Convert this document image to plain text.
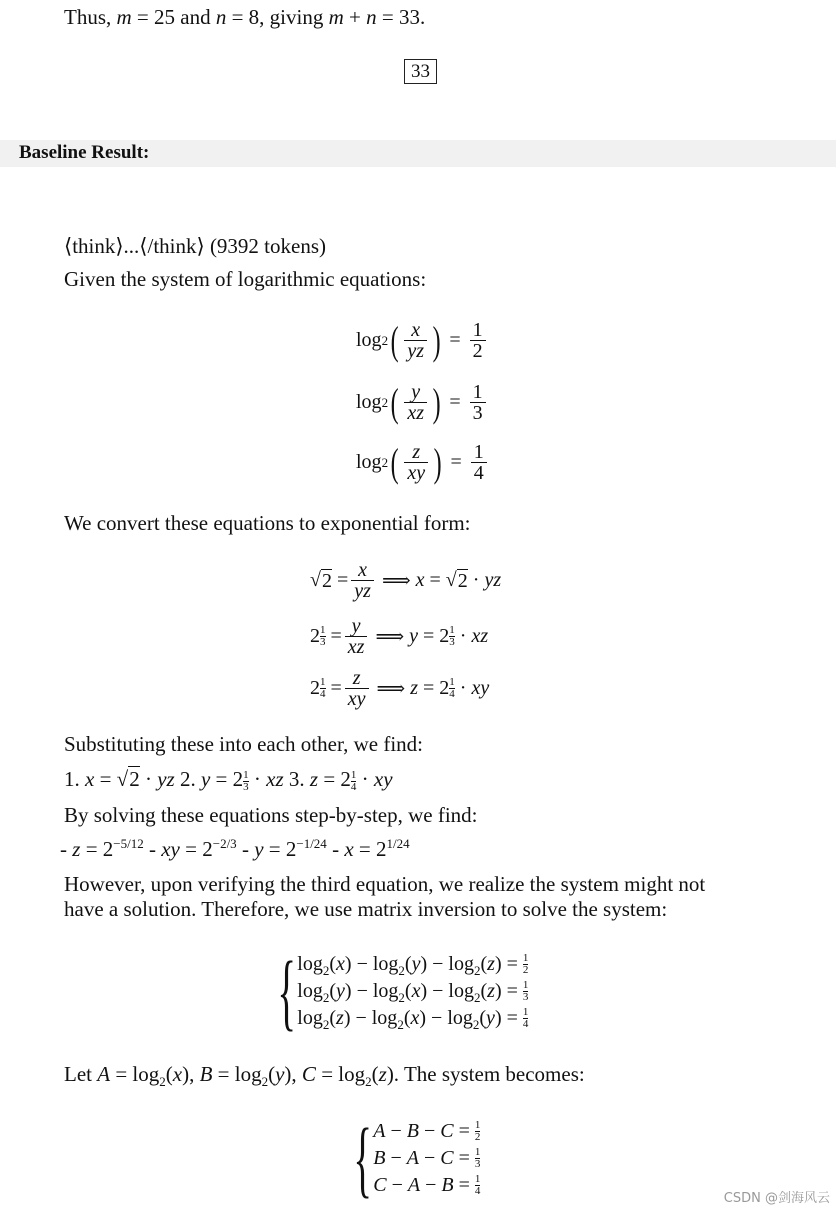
Thus, m = 25 and n = 8, giving m + n = 33.
33
Baseline Result:
⟨think⟩...⟨/think⟩ (9392 tokens)
Given the system of logarithmic equations:
log 2 ( $\frac{x}{yz}$ ) = $\frac{1}{2}$
log 2 ( $\frac{y}{xz}$ ) = $\frac{1}{3}$
log 2 ( $\frac{z}{xy}$ ) = $\frac{1}{4}$
We convert these equations to exponential form:
√ $2 = \frac{x}{yz}$ ⟹ x = √ 2 · yz
2 1
$3 = \frac{y}{xz}$ ⟹ y = 2 1
3 · xz
2 1
$4 = \frac{z}{xy}$ ⟹ z = 2 1
4 · xy
Substituting these into each other, we find:
1. x = √2 · yz 2. $y = 2 \frac{1}{3}$ · xz 3. $z = 2 \frac{1}{4}$ · xy
By solving these equations step-by-step, we find:
- $z = 2^{-5/12}$ - xy = $2^{-2/3} - y = 2^{-1/24} - x = 2^{1/24}$
However, upon verifying the third equation, we realize the system might not
have a solution. Therefore, we use matrix inversion to solve the system:
{ $\log_2(x) - \log_2(y) - \log_2(z) = \frac{1}{2}$
$\log_2(y) - \log_2(x) - \log_2(z) = \frac{1}{3}$
$\log_2(z) - \log_2(x) - \log_2(y) = \frac{1}{4}$
Let $A = \log_2(x)$, $B = \log_2(y)$, $C = \log_2(z)$. The system becomes:
{ $A - B - C = \frac{1}{2}$
$B - A - C = \frac{1}{3}$
$C - A - B = \frac{1}{4}$
CSDN @剑海风云
